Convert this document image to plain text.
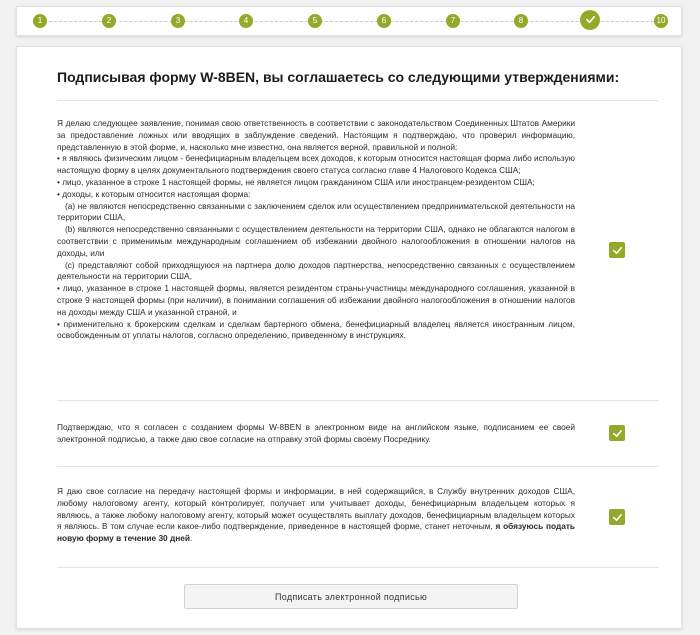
1	2	3	4	5	6	7	8	10
Подписывая форму W-8BEN, вы соглашаетесь со следующими утверждениями:

Я делаю следующее заявление, понимая свою ответственность в соответствии с законодательством Соединенных Штатов Америки за предоставление ложных или вводящих в заблуждение сведений. Настоящим я подтверждаю, что проверил информацию, представленную в этой форме, и, насколько мне известно, она является верной, правильной и полной:

• я являюсь физическим лицом - бенефициарным владельцем всех доходов, к которым относится настоящая форма либо использую настоящую форму в целях документального подтверждения своего статуса согласно главе 4 Налогового Кодекса США;

• лицо, указанное в строке 1 настоящей формы, не является лицом гражданином США или иностранцем-резидентом США;

• доходы, к которым относится настоящая форма:

(a) не являются непосредственно связанными с заключением сделок или осуществлением предпринимательской деятельности на территории США,

(b) являются непосредственно связанными с осуществлением деятельности на территории США, однако не облагаются налогом в соответствии с применимым международным соглашением об избежании двойного налогообложения в отношении налогов на доходы, или

(c) представляют собой приходящуюся на партнера долю доходов партнерства, непосредственно связанных с осуществлением деятельности на территории США,

• лицо, указанное в строке 1 настоящей формы, является резидентом страны-участницы международного соглашения, указанной в строке 9 настоящей формы (при наличии), в понимании соглашения об избежании двойного налогообложения в отношении налогов на доходы между США и указанной страной, и

• применительно к брокерским сделкам и сделкам бартерного обмена, бенефициарный владелец является иностранным лицом, освобожденным от уплаты налогов, согласно определению, приведенному в инструкциях.

Подтверждаю, что я согласен с созданием формы W-8BEN в электронном виде на английском языке, подписанием ее своей электронной подписью, а также даю свое согласие на отправку этой формы своему Посреднику.

Я даю свое согласие на передачу настоящей формы и информации, в ней содержащийся, в Службу внутренних доходов США, любому налоговому агенту, который контролирует, получает или учитывает доходы, бенефициарным владельцем которых я являюсь, а также любому налоговому агенту, который может осуществлять выплату доходов, бенефициарным владельцем которых я являюсь. В том случае если какое-либо подтверждение, приведенное в настоящей форме, станет неточным, я обязуюсь подать новую форму в течение 30 дней.

Подписать электронной подписью
